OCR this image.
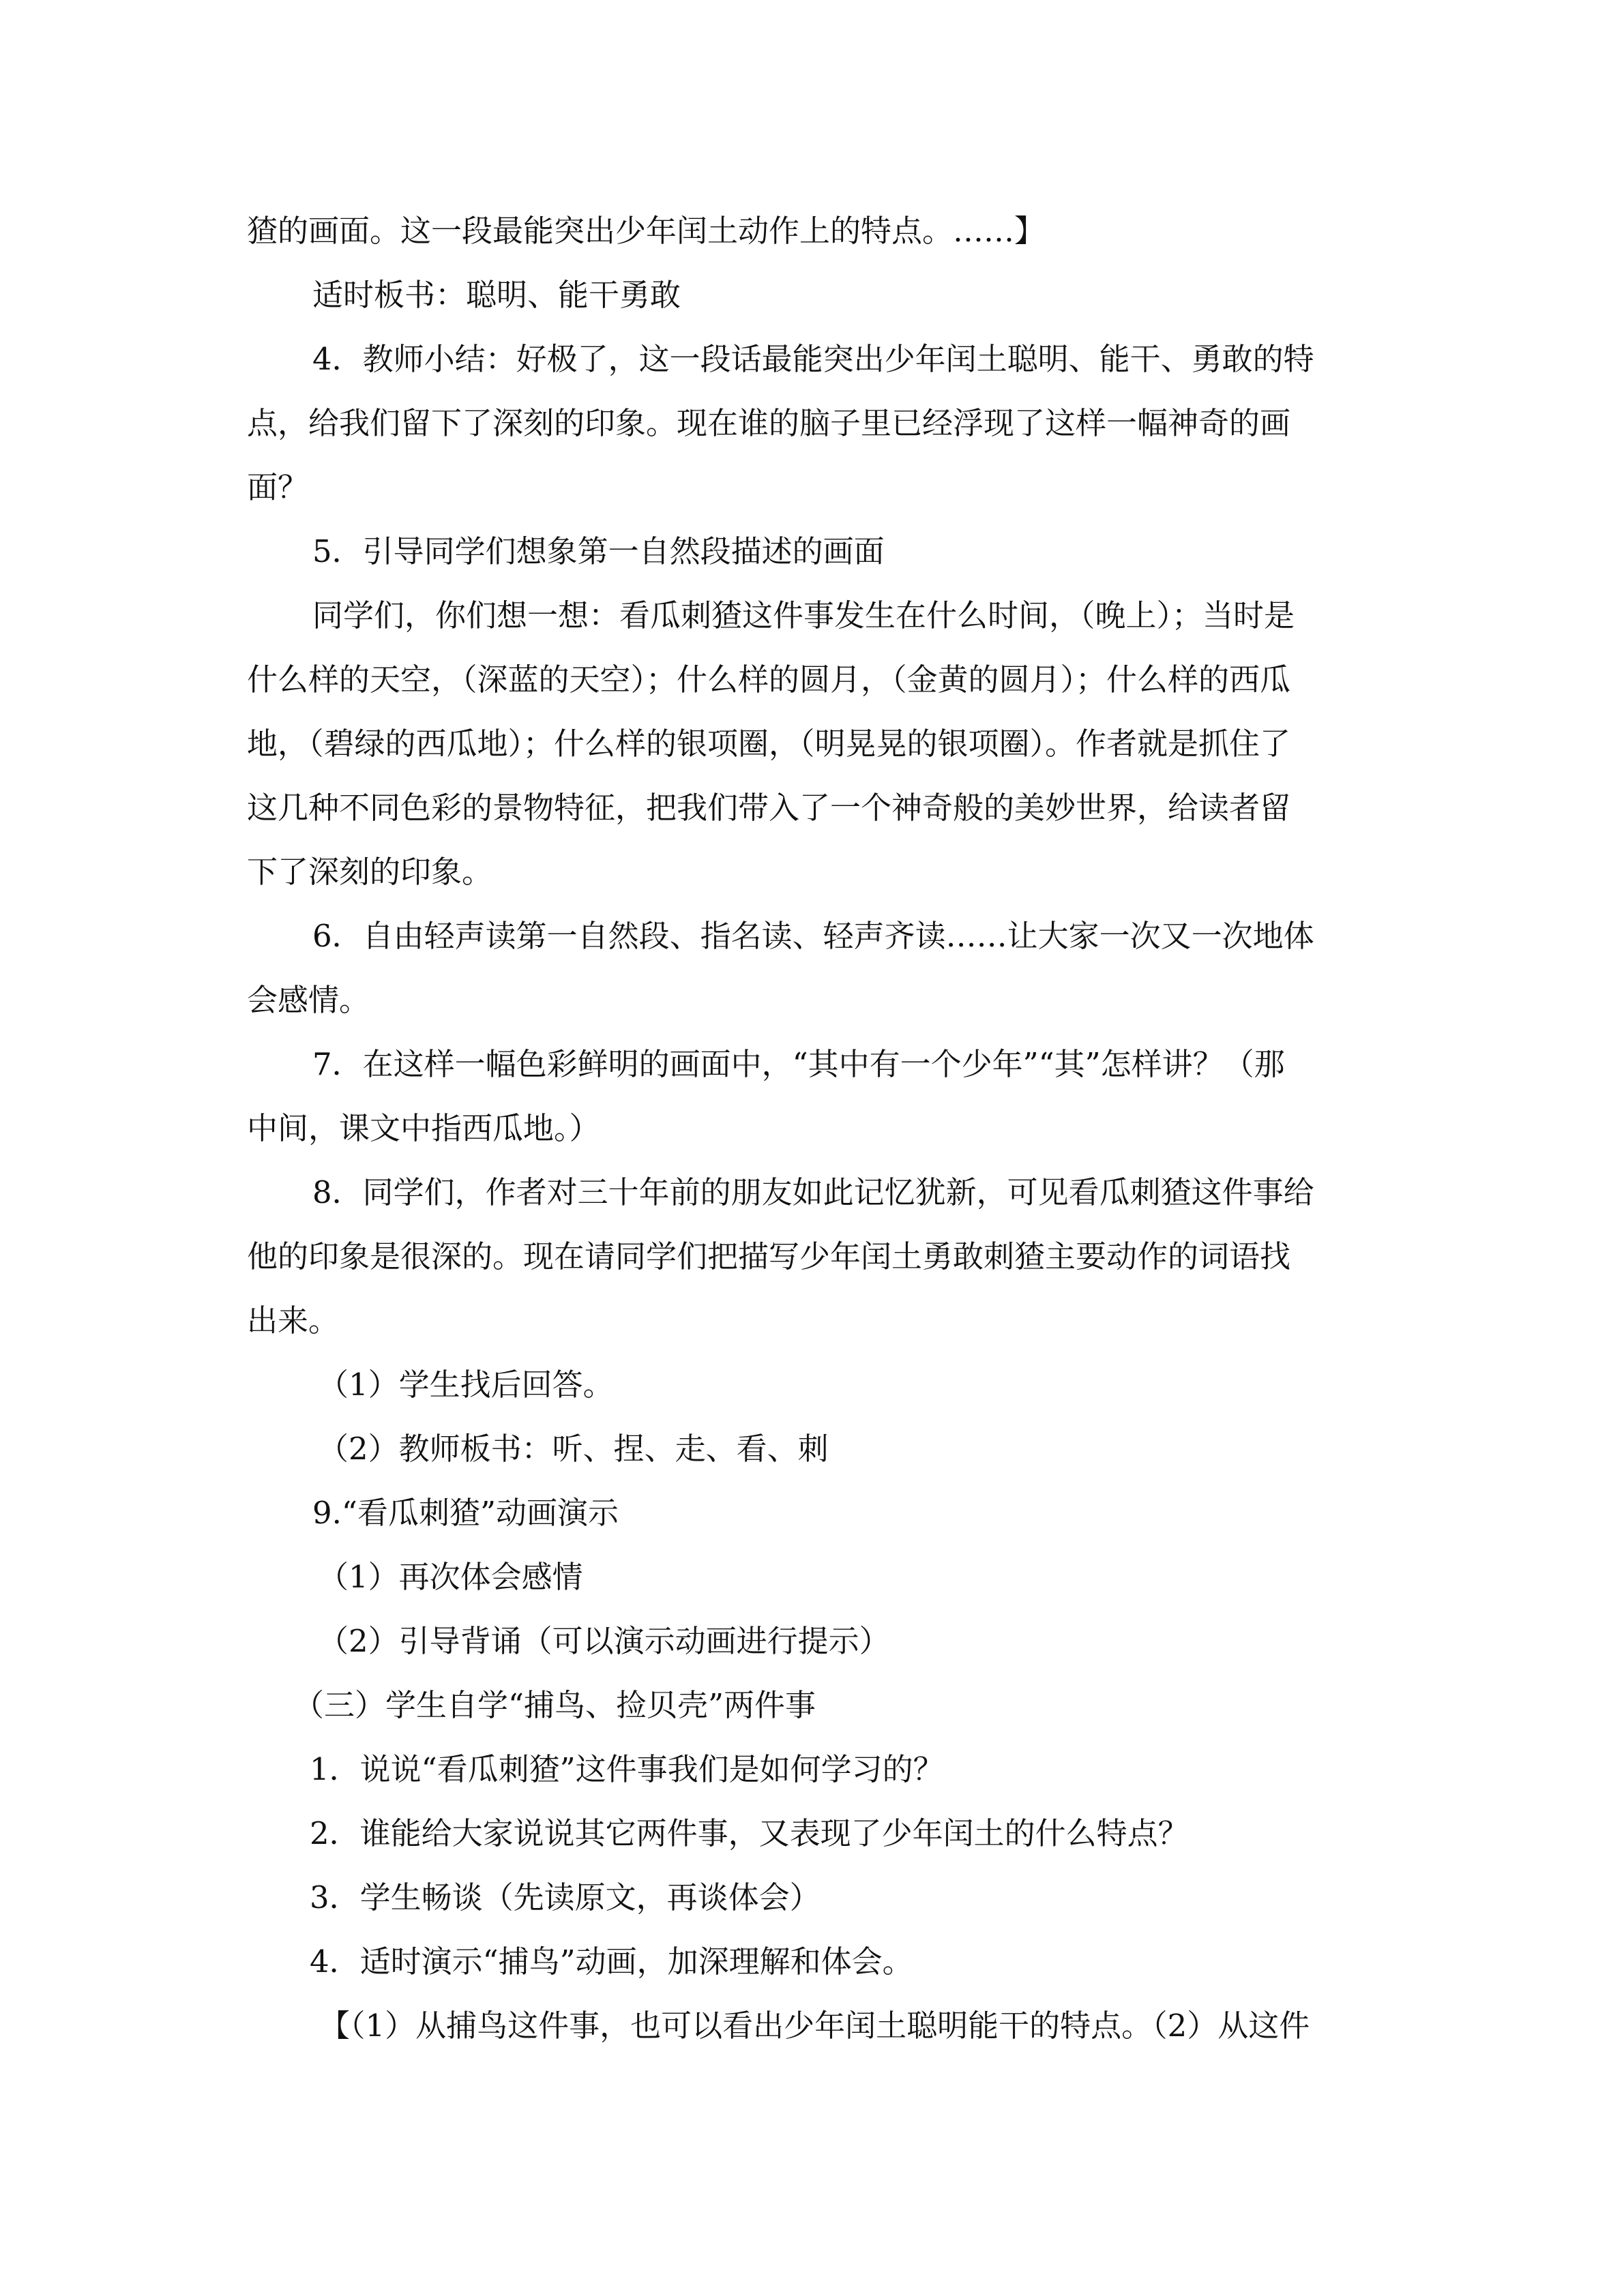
猹的画面。这一段最能突出少年闰土动作上的特点。……】

适时板书：聪明、能干勇敢

4．教师小结：好极了，这一段话最能突出少年闰土聪明、能干、勇敢的特

点，给我们留下了深刻的印象。现在谁的脑子里已经浮现了这样一幅神奇的画

面？

5．引导同学们想象第一自然段描述的画面

同学们，你们想一想：看瓜刺猹这件事发生在什么时间，（晚上）；当时是

什么样的天空，（深蓝的天空）；什么样的圆月，（金黄的圆月）；什么样的西瓜

地，（碧绿的西瓜地）；什么样的银项圈，（明晃晃的银项圈）。作者就是抓住了

这几种不同色彩的景物特征，把我们带入了一个神奇般的美妙世界，给读者留

下了深刻的印象。

6．自由轻声读第一自然段、指名读、轻声齐读……让大家一次又一次地体

会感情。

7．在这样一幅色彩鲜明的画面中，“其中有一个少年”“其”怎样讲？（那

中间，课文中指西瓜地。）

8．同学们，作者对三十年前的朋友如此记忆犹新，可见看瓜刺猹这件事给

他的印象是很深的。现在请同学们把描写少年闰土勇敢刺猹主要动作的词语找

出来。

（1）学生找后回答。

（2）教师板书：听、捏、走、看、刺

9.“看瓜刺猹”动画演示

（1）再次体会感情

（2）引导背诵（可以演示动画进行提示）

（三）学生自学“捕鸟、捡贝壳”两件事

1．说说“看瓜刺猹”这件事我们是如何学习的？

2．谁能给大家说说其它两件事，又表现了少年闰土的什么特点？

3．学生畅谈（先读原文，再谈体会）

4．适时演示“捕鸟”动画，加深理解和体会。

【（1）从捕鸟这件事，也可以看出少年闰土聪明能干的特点。（2）从这件
